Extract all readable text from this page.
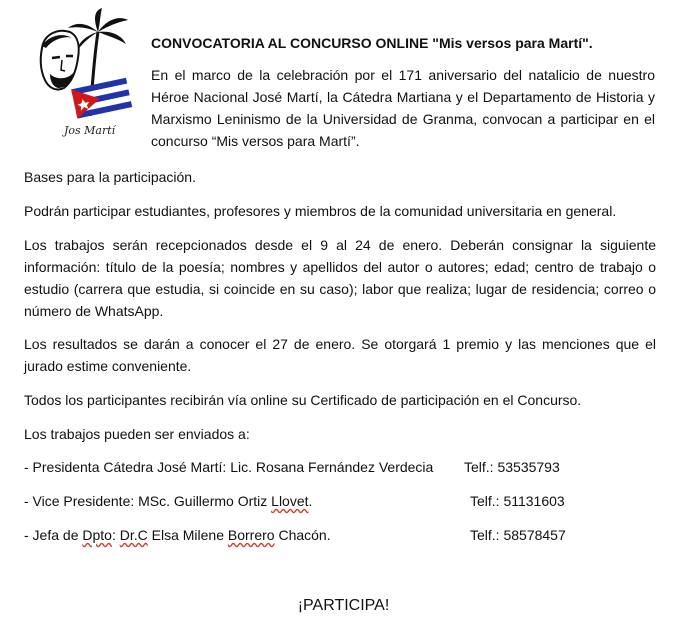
Jos Martí
CONVOCATORIA AL CONCURSO ONLINE "Mis versos para Martí".
En el marco de la celebración por el 171 aniversario del natalicio de nuestro Héroe Nacional José Martí, la Cátedra Martiana y el Departamento de Historia y Marxismo Leninismo de la Universidad de Granma, convocan a participar en el concurso “Mis versos para Martí”.
Bases para la participación.
Podrán participar estudiantes, profesores y miembros de la comunidad universitaria en general.
Los trabajos serán recepcionados desde el 9 al 24 de enero. Deberán consignar la siguiente información: título de la poesía; nombres y apellidos del autor o autores; edad; centro de trabajo o estudio (carrera que estudia, si coincide en su caso); labor que realiza; lugar de residencia; correo o número de WhatsApp.
Los resultados se darán a conocer el 27 de enero. Se otorgará 1 premio y las menciones que el jurado estime conveniente.
Todos los participantes recibirán vía online su Certificado de participación en el Concurso.
Los trabajos pueden ser enviados a:
- Presidenta Cátedra José Martí: Lic. Rosana Fernández Verdecia Telf.: 53535793
- Vice Presidente: MSc. Guillermo Ortiz Llovet.	Telf.: 51131603
- Jefa de Dpto: Dr.C Elsa Milene Borrero Chacón.	Telf.: 58578457
¡PARTICIPA!
